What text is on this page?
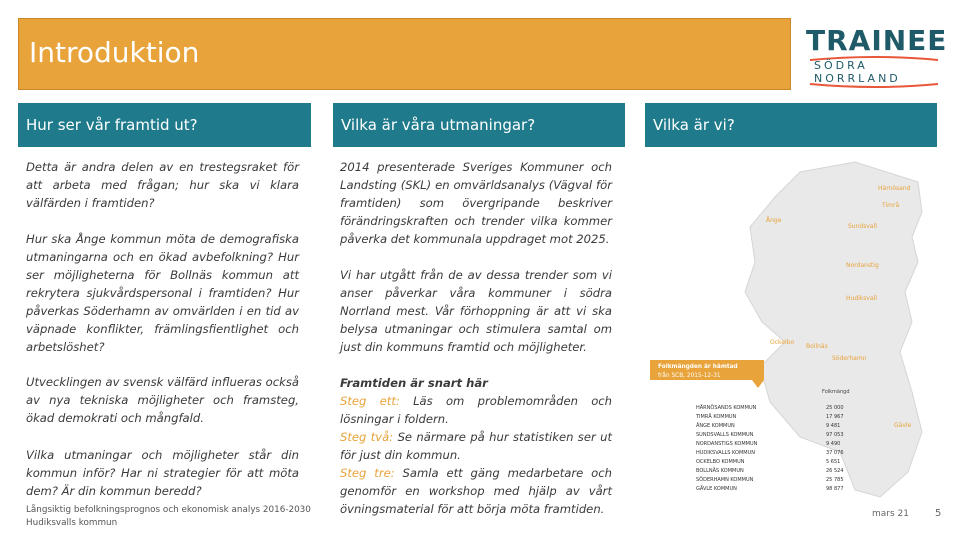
Introduktion	TRAINEE
SÖDRA NORRLAND
Hur ser vår framtid ut?	Vilka är våra utmaningar?	Vilka är vi?

Detta är andra delen av en trestegsraket för att arbeta med frågan; hur ska vi klara välfärden i framtiden?

Hur ska Ånge kommun möta de demografiska utmaningarna och en ökad avbefolkning? Hur ser möjligheterna för Bollnäs kommun att rekrytera sjukvårdspersonal i framtiden? Hur påverkas Söderhamn av omvärlden i en tid av väpnade konflikter, främlingsfientlighet och arbetslöshet?

Utvecklingen av svensk välfärd influeras också av nya tekniska möjligheter och framsteg, ökad demokrati och mångfald.

Vilka utmaningar och möjligheter står din kommun inför? Har ni strategier för att möta dem? Är din kommun beredd?

Långsiktig befolkningsprognos och ekonomisk analys 2016-2030
Hudiksvalls kommun

2014 presenterade Sveriges Kommuner och Landsting (SKL) en omvärldsanalys (Vägval för framtiden) som övergripande beskriver förändringskraften och trender vilka kommer påverka det kommunala uppdraget mot 2025.

Vi har utgått från de av dessa trender som vi anser påverkar våra kommuner i södra Norrland mest. Vår förhoppning är att vi ska belysa utmaningar och stimulera samtal om just din kommuns framtid och möjligheter.

Framtiden är snart här

Steg ett: Läs om problemområden och lösningar i foldern.

Steg två: Se närmare på hur statistiken ser ut för just din kommun.

Steg tre: Samla ett gäng medarbetare och genomför en workshop med hjälp av vårt övningsmaterial för att börja möta framtiden.

Härnösand
Timrå
Ånge
Sundsvall
Nordanstig
Hudiksvall
Ockelbo
Bollnäs
Söderhamn
Gävle
Folkmängden är hämtad
från SCB, 2015-12-31
Folkmängd
HÄRNÖSANDS KOMMUN	25 000
TIMRÅ KOMMUN	17 967
ÅNGE KOMMUN	9 481
SUNDSVALLS KOMMUN	97 053
NORDANSTIGS KOMMUN	9 490
HUDIKSVALLS KOMMUN	37 076
OCKELBO KOMMUN	5 651
BOLLNÄS KOMMUN	26 524
SÖDERHAMN KOMMUN	25 785
GÄVLE KOMMUN	98 877
mars 21	5
